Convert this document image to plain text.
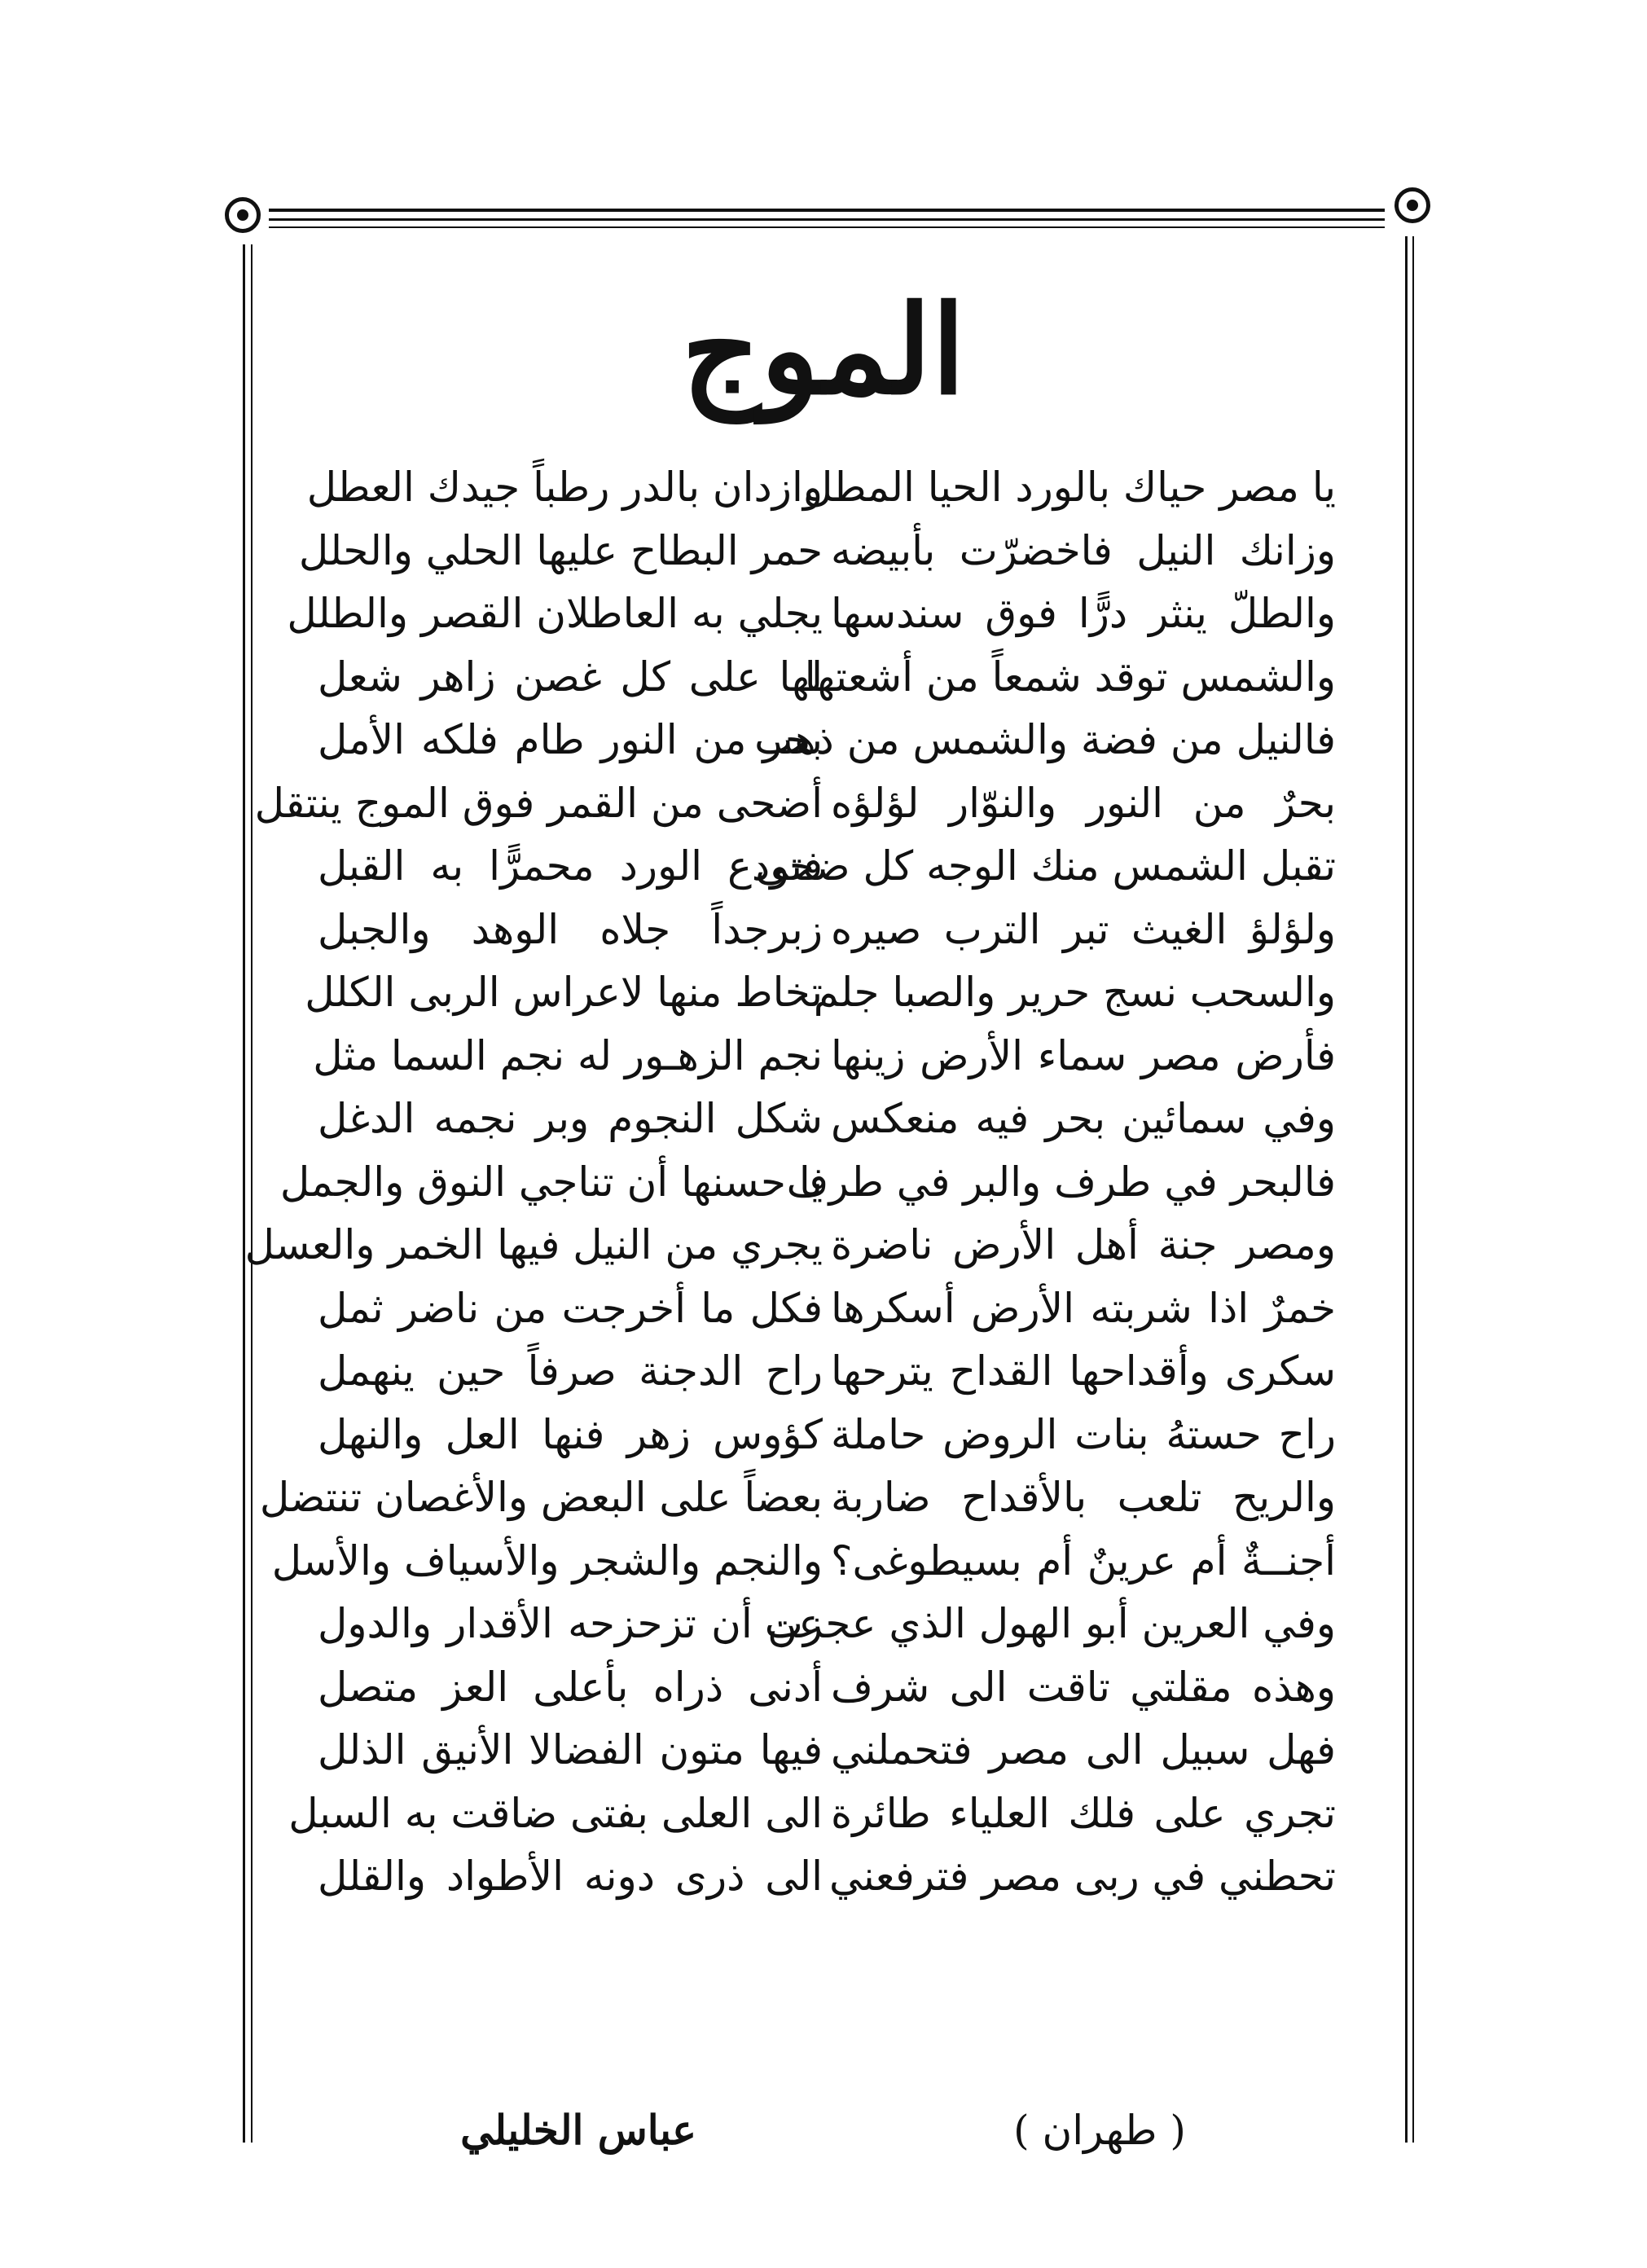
الموج
يا مصر حياك بالورد الحيا المطل
وزانك النيل فاخضرّت بأبيضه
والطلّ ينثر درًّا فوق سندسها
والشمس توقد شمعاً من أشعتها
فالنيل من فضة والشمس من ذهب
بحرٌ من النور والنوّار لؤلؤه
تقبل الشمس منك الوجه كل ضحى
ولؤلؤ الغيث تبر الترب صيره
والسحب نسج حرير والصبا جلم
فأرض مصر سماء الأرض زينها
وفي سمائين بحر فيه منعكس
فالبحر في طرف والبر في طرف
ومصر جنة أهل الأرض ناضرة
خمرٌ اذا شربته الأرض أسكرها
سكرى وأقداحها القداح يترحها
راح حستهُ بنات الروض حاملة
والريح تلعب بالأقداح ضاربة
أجنــةٌ أم عرينٌ أم بسيطوغى؟
وفي العرين أبو الهول الذي عجزت
وهذه مقلتي تاقت الى شرف
فهل سبيل الى مصر فتحملني
تجري على فلك العلياء طائرة
تحطني في ربى مصر فترفعني
وازدان بالدر رطباً جيدك العطل
حمر البطاح عليها الحلي والحلل
يجلي به العاطلان القصر والطلل
لها على كل غصن زاهر شعل
بحر من النور طام فلكه الأمل
أضحى من القمر فوق الموج ينتقل
فتودع الورد محمرًّا به القبل
زبرجداً جلاه الوهد والجبل
تخاط منها لاعراس الربى الكلل
نجم الزهـور له نجم السما مثل
شكل النجوم وبر نجمه الدغل
يا حسنها أن تناجي النوق والجمل
يجري من النيل فيها الخمر والعسل
فكل ما أخرجت من ناضر ثمل
راح الدجنة صرفاً حين ينهمل
كؤوس زهر فنها العل والنهل
بعضاً على البعض والأغصان تنتضل
والنجم والشجر والأسياف والأسل
عن أن تزحزحه الأقدار والدول
أدنى ذراه بأعلى العز متصل
فيها متون الفضالا الأنيق الذلل
الى العلى بفتى ضاقت به السبل
الى ذرى دونه الأطواد والقلل
( طهران )
عباس الخليلي
